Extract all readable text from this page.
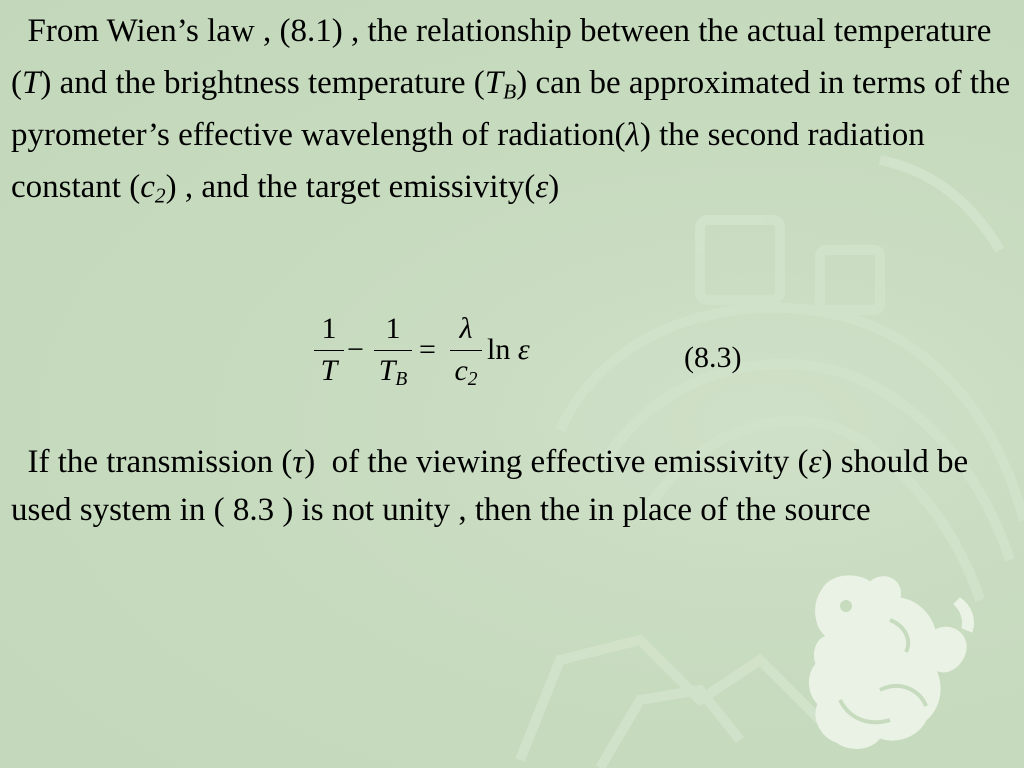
From Wien’s law , (8.1) , the relationship between the actual temperature (T) and the brightness temperature $(T_B)$ can be approximated in terms of the pyrometer’s effective wavelength of radiation(λ) the second radiation constant $(c_2)$ , and the target emissivity(ε)

1
T
−
1
$T_B$
=
λ
$c_2$
ln ε	(8.3)

If the transmission (τ)  of the viewing effective emissivity (ε) should be used system in ( 8.3 ) is not unity , then the in place of the source
